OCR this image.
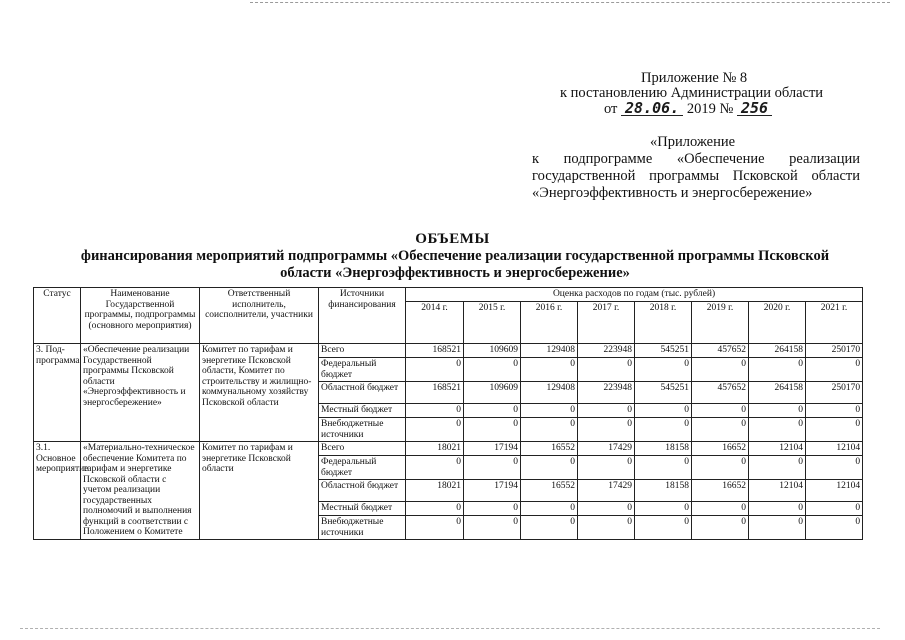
Приложение № 8
к постановлению Администрации области
от 28.06. 2019 № 256
«Приложение
к подпрограмме «Обеспечение реализации государственной программы Псковской области «Энергоэффективность и энергосбережение»
ОБЪЕМЫ
финансирования мероприятий подпрограммы «Обеспечение реализации государственной программы Псковской области «Энергоэффективность и энергосбережение»
Статус	Наименование Государственной программы, подпрограммы (основного мероприятия)	Ответственный исполнитель, соисполнители, участники	Источники финансирования	Оценка расходов по годам (тыс. рублей)							
				2014 г.	2015 г.	2016 г.	2017 г.	2018 г.	2019 г.	2020 г.	2021 г.
3. Под-программа	«Обеспечение реализации Государственной программы Псковской области «Энергоэффективность и энергосбережение»	Комитет по тарифам и энергетике Псковской области, Комитет по строительству и жилищно-коммунальному хозяйству Псковской области	Всего	168521	109609	129408	223948	545251	457652	264158	250170
			Федеральный бюджет	0	0	0	0	0	0	0	0
			Областной бюджет	168521	109609	129408	223948	545251	457652	264158	250170
			Местный бюджет	0	0	0	0	0	0	0	0
			Внебюджетные источники	0	0	0	0	0	0	0	0
3.1. Основное мероприятие	«Материально-техническое обеспечение Комитета по тарифам и энергетике Псковской области с учетом реализации государственных полномочий и выполнения функций в соответствии с Положением о Комитете	Комитет по тарифам и энергетике Псковской области	Всего	18021	17194	16552	17429	18158	16652	12104	12104
			Федеральный бюджет	0	0	0	0	0	0	0	0
			Областной бюджет	18021	17194	16552	17429	18158	16652	12104	12104
			Местный бюджет	0	0	0	0	0	0	0	0
			Внебюджетные источники	0	0	0	0	0	0	0	0
